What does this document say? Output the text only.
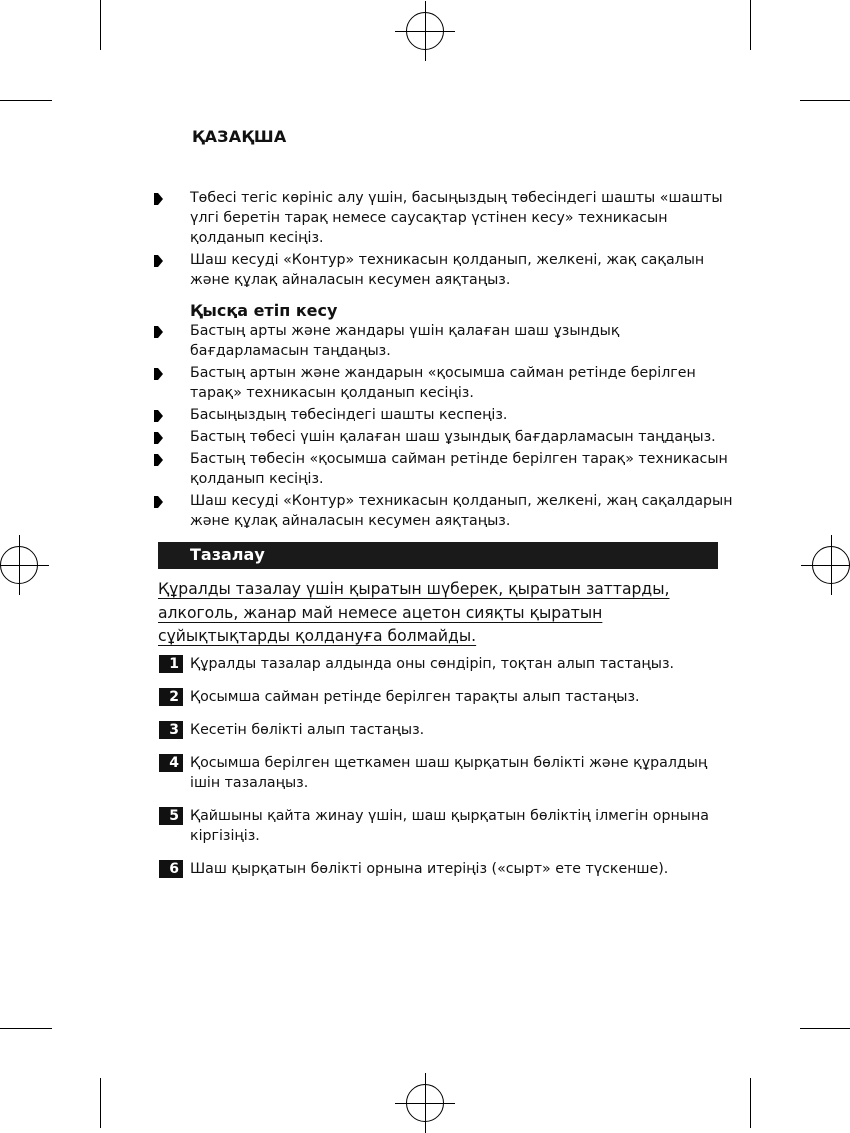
ҚАЗАҚША
Төбесі тегіс көрініс алу үшін, басыңыздың төбесіндегі шашты «шашты үлгі беретін тарақ немесе саусақтар үстінен кесу» техникасын қолданып кесіңіз.
Шаш кесуді «Контур» техникасын қолданып, желкені, жақ сақалын және құлақ айналасын кесумен аяқтаңыз.
Қысқа етіп кесу
Бастың арты және жандары үшін қалаған шаш ұзындық бағдарламасын таңдаңыз.
Бастың артын және жандарын «қосымша сайман ретінде берілген тарақ» техникасын қолданып кесіңіз.
Басыңыздың төбесіндегі шашты кеспеңіз.
Бастың төбесі үшін қалаған шаш ұзындық бағдарламасын таңдаңыз.
Бастың төбесін «қосымша сайман ретінде берілген тарақ» техникасын қолданып кесіңіз.
Шаш кесуді «Контур» техникасын қолданып, желкені, жаң сақалдарын және құлақ айналасын кесумен аяқтаңыз.
Тазалау
Құралды тазалау үшін қыратын шүберек, қыратын заттарды,
алкоголь, жанар май немесе ацетон сияқты қыратын
сұйықтықтарды қолдануға болмайды.
1 Құралды тазалар алдында оны сөндіріп, тоқтан алып тастаңыз.
2 Қосымша сайман ретінде берілген тарақты алып тастаңыз.
3 Кесетін бөлікті алып тастаңыз.
4 Қосымша берілген щеткамен шаш қырқатын бөлікті және құралдың ішін тазалаңыз.
5 Қайшыны қайта жинау үшін, шаш қырқатын бөліктің ілмегін орнына кіргізіңіз.
6 Шаш қырқатын бөлікті орнына итеріңіз («сырт» ете түскенше).
